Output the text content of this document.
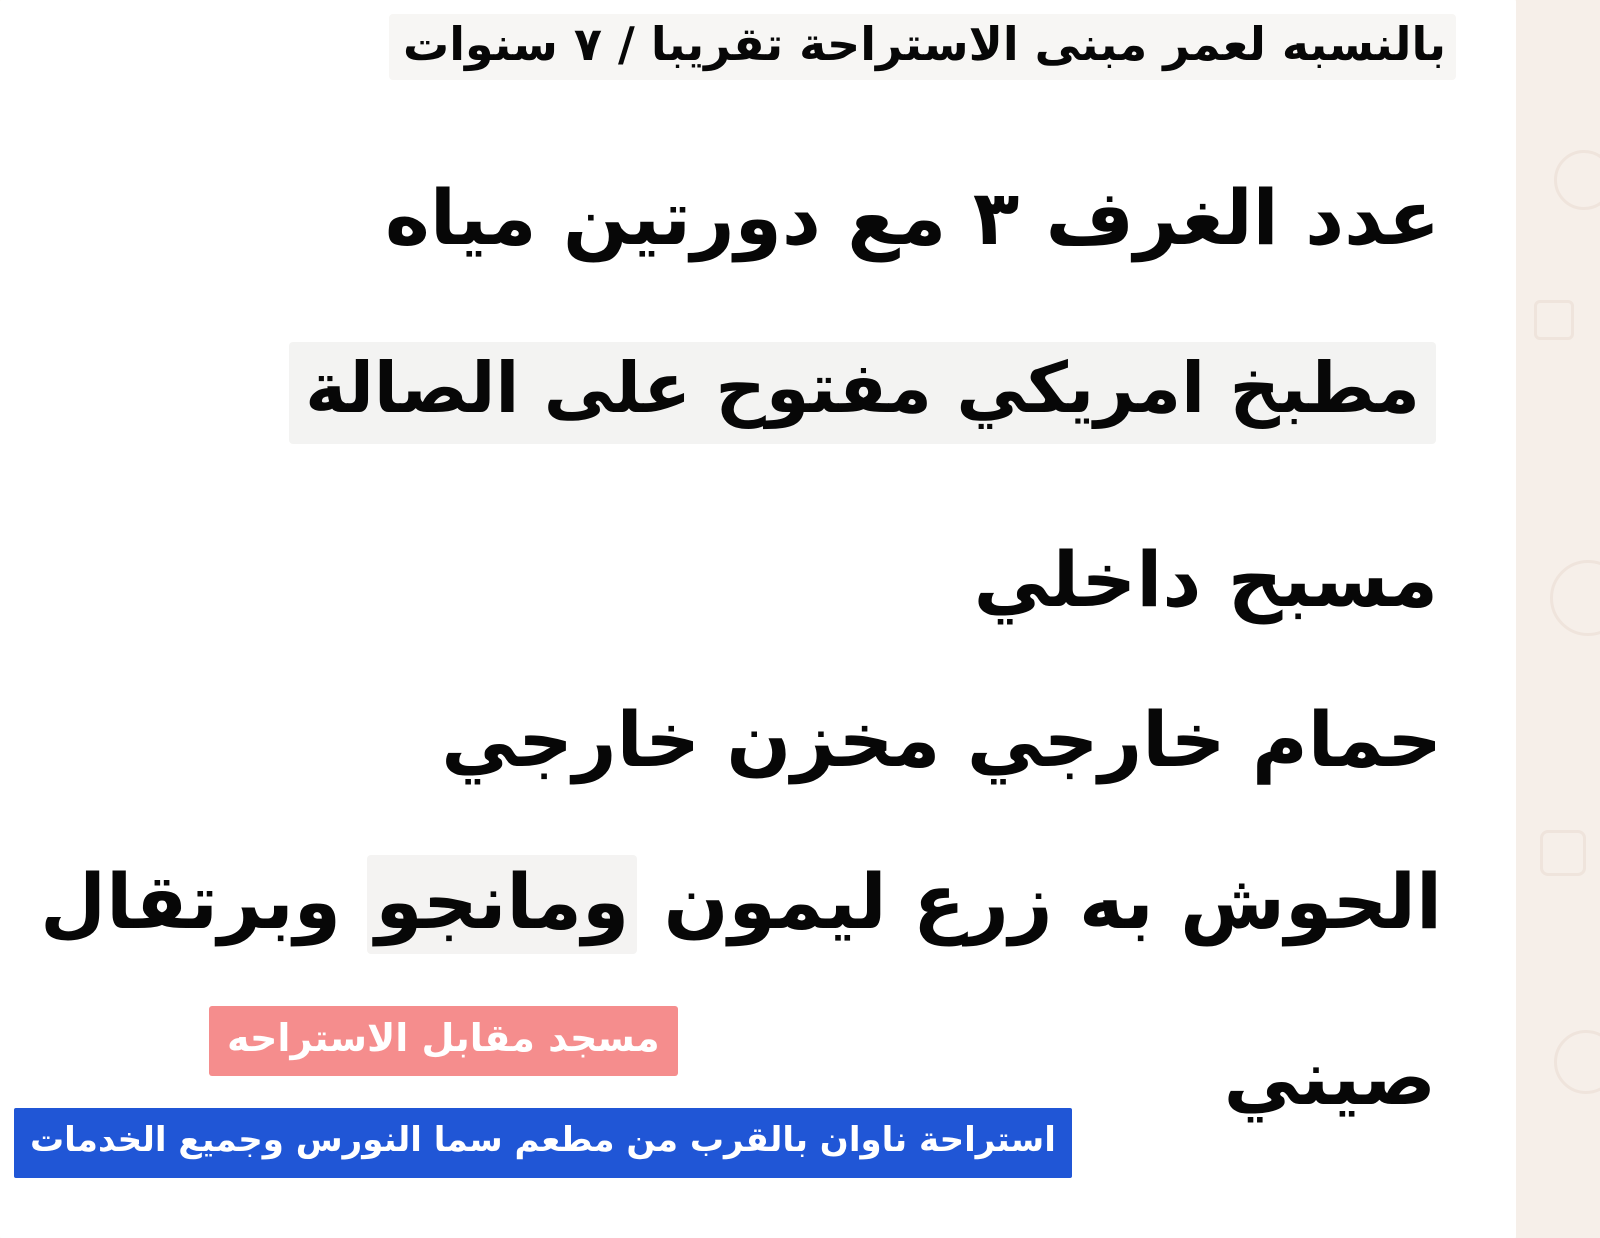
بالنسبه لعمر مبنى الاستراحة تقريبا / ٧ سنوات
عدد الغرف ٣ مع دورتين مياه
مطبخ امريكي مفتوح على الصالة
مسبح داخلي
حمام خارجي مخزن خارجي
الحوش به زرع ليمون ومانجو وبرتقال
صيني
مسجد مقابل الاستراحه
استراحة ناوان بالقرب من مطعم سما النورس وجميع الخدمات
